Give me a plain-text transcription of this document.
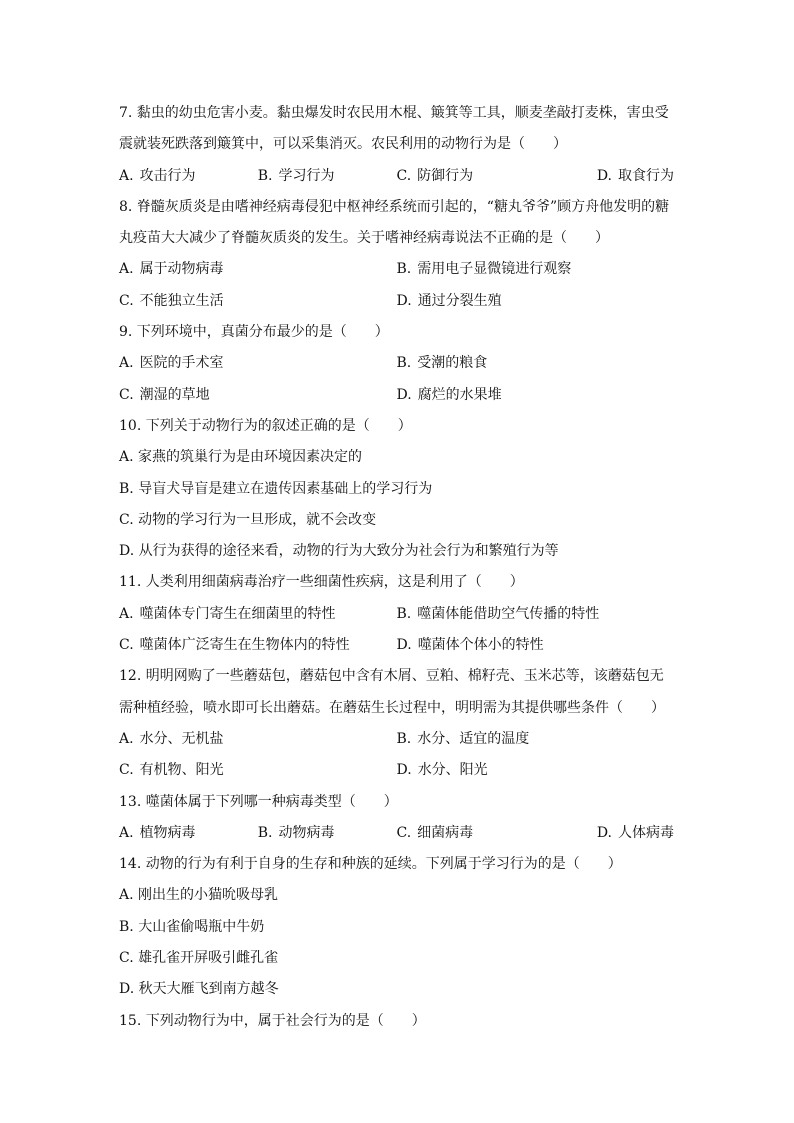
7. 黏虫的幼虫危害小麦。黏虫爆发时农民用木棍、簸箕等工具，顺麦垄敲打麦株，害虫受
震就装死跌落到簸箕中，可以采集消灭。农民利用的动物行为是（　　）
A. 攻击行为	B. 学习行为	C. 防御行为	D. 取食行为
8. 脊髓灰质炎是由嗜神经病毒侵犯中枢神经系统而引起的，“糖丸爷爷”顾方舟他发明的糖
丸疫苗大大减少了脊髓灰质炎的发生。关于嗜神经病毒说法不正确的是（　　）
A. 属于动物病毒	B. 需用电子显微镜进行观察
C. 不能独立生活	D. 通过分裂生殖
9. 下列环境中，真菌分布最少的是（　　）
A. 医院的手术室	B. 受潮的粮食
C. 潮湿的草地	D. 腐烂的水果堆
10. 下列关于动物行为的叙述正确的是（　　）
A. 家燕的筑巢行为是由环境因素决定的
B. 导盲犬导盲是建立在遗传因素基础上的学习行为
C. 动物的学习行为一旦形成，就不会改变
D. 从行为获得的途径来看，动物的行为大致分为社会行为和繁殖行为等
11. 人类利用细菌病毒治疗一些细菌性疾病，这是利用了（　　）
A. 噬菌体专门寄生在细菌里的特性	B. 噬菌体能借助空气传播的特性
C. 噬菌体广泛寄生在生物体内的特性	D. 噬菌体个体小的特性
12. 明明网购了一些蘑菇包，蘑菇包中含有木屑、豆粕、棉籽壳、玉米芯等，该蘑菇包无
需种植经验，喷水即可长出蘑菇。在蘑菇生长过程中，明明需为其提供哪些条件（　　）
A. 水分、无机盐	B. 水分、适宜的温度
C. 有机物、阳光	D. 水分、阳光
13. 噬菌体属于下列哪一种病毒类型（　　）
A. 植物病毒	B. 动物病毒	C. 细菌病毒	D. 人体病毒
14. 动物的行为有利于自身的生存和种族的延续。下列属于学习行为的是（　　）
A. 刚出生的小猫吮吸母乳
B. 大山雀偷喝瓶中牛奶
C. 雄孔雀开屏吸引雌孔雀
D. 秋天大雁飞到南方越冬
15. 下列动物行为中，属于社会行为的是（　　）
